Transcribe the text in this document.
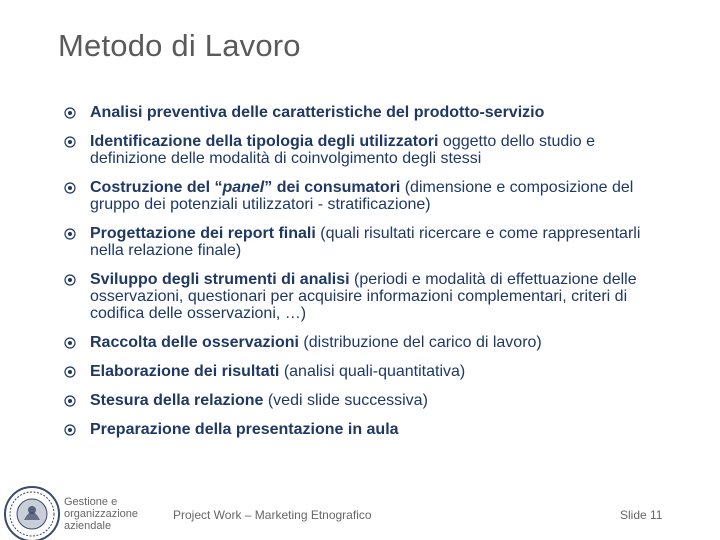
Metodo di Lavoro
Analisi preventiva delle caratteristiche del prodotto-servizio
Identificazione della tipologia degli utilizzatori oggetto dello studio e definizione delle modalità di coinvolgimento degli stessi
Costruzione del “panel” dei consumatori (dimensione e composizione del gruppo dei potenziali utilizzatori - stratificazione)
Progettazione dei report finali (quali risultati ricercare e come rappresentarli nella relazione finale)
Sviluppo degli strumenti di analisi (periodi e modalità di effettuazione delle osservazioni, questionari per acquisire informazioni complementari, criteri di codifica delle osservazioni, …)
Raccolta delle osservazioni (distribuzione del carico di lavoro)
Elaborazione dei risultati (analisi quali-quantitativa)
Stesura della relazione (vedi slide successiva)
Preparazione della presentazione in aula
Gestione e
organizzazione
aziendale
Project Work – Marketing Etnografico	Slide 11
